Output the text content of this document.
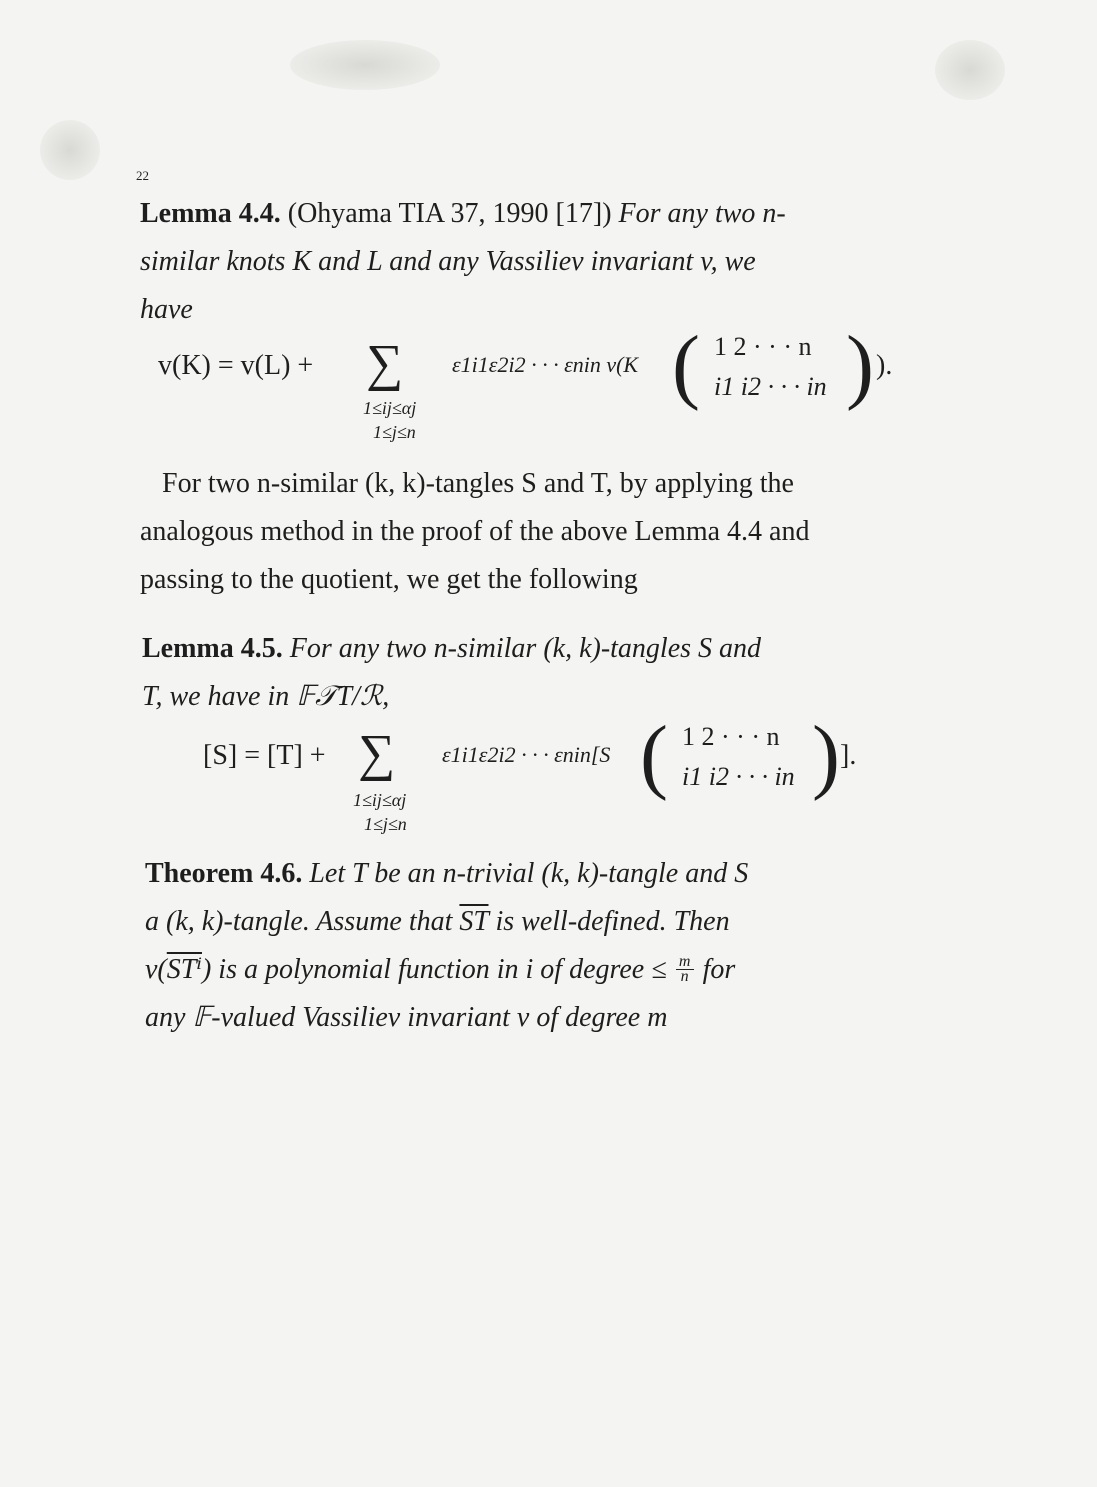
22
Lemma 4.4. (Ohyama TIA 37, 1990 [17]) For any two n-
similar knots K and L and any Vassiliev invariant v, we
have
v(K) = v(L) + ∑
1≤ij≤αj
1≤j≤n
ε1i1ε2i2 · · · εnin v(K ( 1 2 · · · n
i1 i2 · · · in ) ).
For two n-similar (k, k)-tangles S and T, by applying the
analogous method in the proof of the above Lemma 4.4 and
passing to the quotient, we get the following
Lemma 4.5. For any two n-similar (k, k)-tangles S and
T, we have in 𝔽𝒯T/ℛ,
[S] = [T] + ∑
1≤ij≤αj
1≤j≤n
ε1i1ε2i2 · · · εnin[S ( 1 2 · · · n
i1 i2 · · · in ) ].
Theorem 4.6. Let T be an n-trivial (k, k)-tangle and S
a (k, k)-tangle. Assume that $\overline{ST}$ is well-defined. Then
$v(\overline{ST^i})$ is a polynomial function in i of degree ≤ $\frac{m}{n}$ for
any 𝔽-valued Vassiliev invariant v of degree m
